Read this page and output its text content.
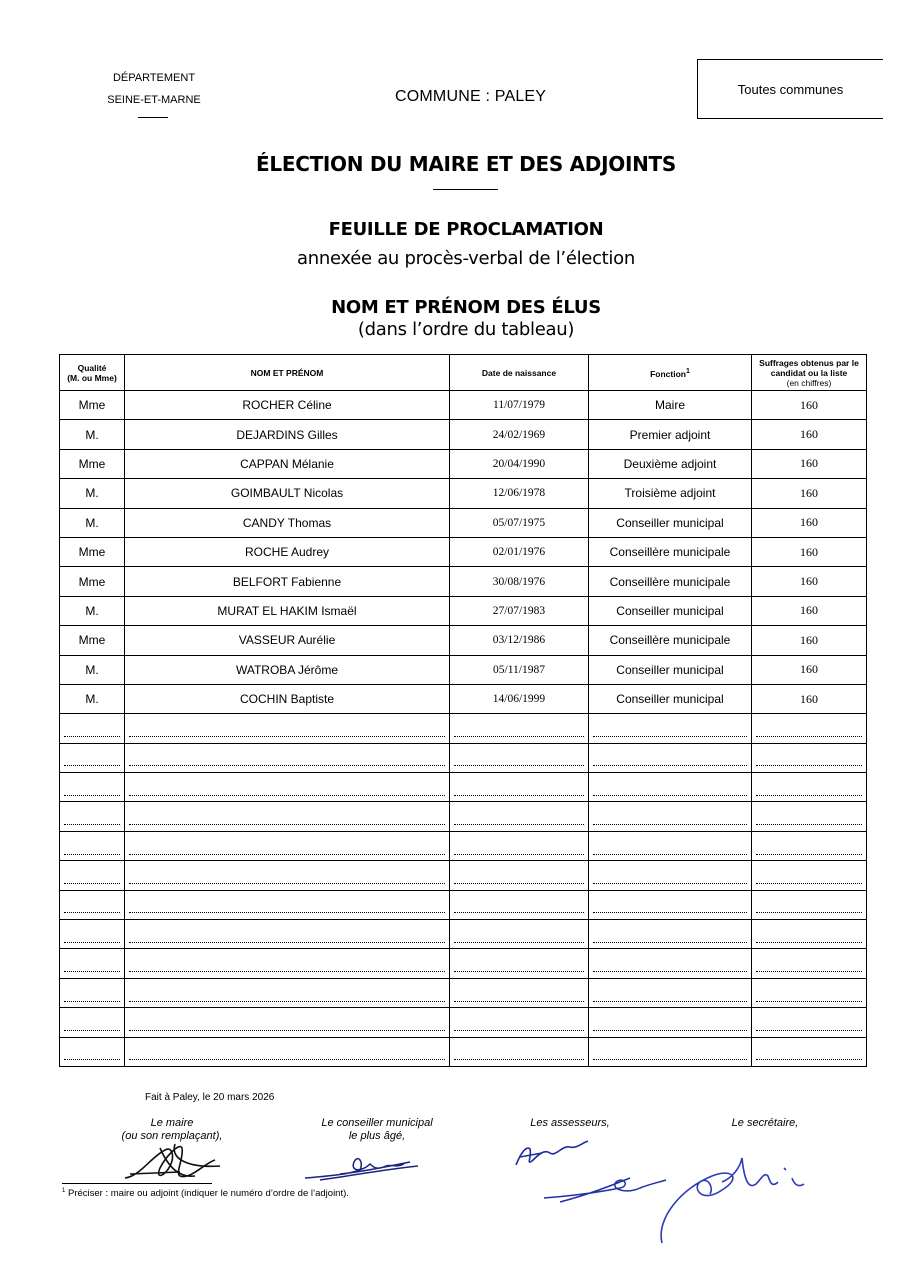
DÉPARTEMENT
SEINE-ET-MARNE	COMMUNE : PALEY	Toutes communes
ÉLECTION DU MAIRE ET DES ADJOINTS
FEUILLE DE PROCLAMATION
annexée au procès-verbal de l’élection
NOM ET PRÉNOM DES ÉLUS
(dans l’ordre du tableau)
Qualité
(M. ou Mme)	NOM ET PRÉNOM	Date de naissance	Fonction$^1$	Suffrages obtenus par le candidat ou la liste
(en chiffres)
Mme	ROCHER Céline	11/07/1979	Maire	160
M.	DEJARDINS Gilles	24/02/1969	Premier adjoint	160
Mme	CAPPAN Mélanie	20/04/1990	Deuxième adjoint	160
M.	GOIMBAULT Nicolas	12/06/1978	Troisième adjoint	160
M.	CANDY Thomas	05/07/1975	Conseiller municipal	160
Mme	ROCHE Audrey	02/01/1976	Conseillère municipale	160
Mme	BELFORT Fabienne	30/08/1976	Conseillère municipale	160
M.	MURAT EL HAKIM Ismaël	27/07/1983	Conseiller municipal	160
Mme	VASSEUR Aurélie	03/12/1986	Conseillère municipale	160
M.	WATROBA Jérôme	05/11/1987	Conseiller municipal	160
M.	COCHIN Baptiste	14/06/1999	Conseiller municipal	160

Fait à Paley, le 20 mars 2026
Le maire
(ou son remplaçant),
Le conseiller municipal
le plus âgé,
Les assesseurs,	Le secrétaire,
$^1$ Préciser : maire ou adjoint (indiquer le numéro d’ordre de l’adjoint).
